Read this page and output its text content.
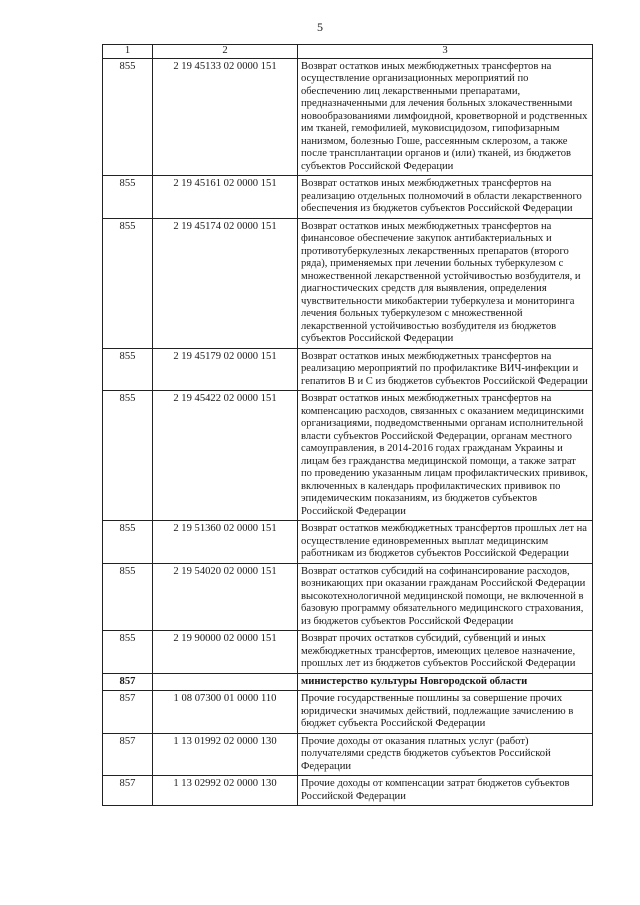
5
1	2	3
855	2 19 45133 02 0000 151	Возврат остатков иных межбюджетных трансфертов на осуществление организационных мероприятий по обеспечению лиц лекарственными препаратами, предназначенными для лечения больных злокачественными новообразованиями лимфоидной, кроветворной и родственных им тканей, гемофилией, муковисцидозом, гипофизарным нанизмом, болезнью Гоше, рассеянным склерозом, а также после трансплантации органов и (или) тканей, из бюджетов субъектов Российской Федерации
855	2 19 45161 02 0000 151	Возврат остатков иных межбюджетных трансфертов на реализацию отдельных полномочий в области лекарственного обеспечения из бюджетов субъектов Российской Федерации
855	2 19 45174 02 0000 151	Возврат остатков иных межбюджетных трансфертов на финансовое обеспечение закупок антибактериальных и противотуберкулезных лекарственных препаратов (второго ряда), применяемых при лечении больных туберкулезом с множественной лекарственной устойчивостью возбудителя, и диагностических средств для выявления, определения чувствительности микобактерии туберкулеза и мониторинга лечения больных туберкулезом с множественной лекарственной устойчивостью возбудителя из бюджетов субъектов Российской Федерации
855	2 19 45179 02 0000 151	Возврат остатков иных межбюджетных трансфертов на реализацию мероприятий по профилактике ВИЧ-инфекции и гепатитов В и С из бюджетов субъектов Российской Федерации
855	2 19 45422 02 0000 151	Возврат остатков иных межбюджетных трансфертов на компенсацию расходов, связанных с оказанием медицинскими организациями, подведомственными органам исполнительной власти субъектов Российской Федерации, органам местного самоуправления, в 2014-2016 годах гражданам Украины и лицам без гражданства медицинской помощи, а также затрат по проведению указанным лицам профилактических прививок, включенных в календарь профилактических прививок по эпидемическим показаниям, из бюджетов субъектов Российской Федерации
855	2 19 51360 02 0000 151	Возврат остатков межбюджетных трансфертов прошлых лет на осуществление единовременных выплат медицинским работникам из бюджетов субъектов Российской Федерации
855	2 19 54020 02 0000 151	Возврат остатков субсидий на софинансирование расходов, возникающих при оказании гражданам Российской Федерации высокотехнологичной медицинской помощи, не включенной в базовую программу обязательного медицинского страхования, из бюджетов субъектов Российской Федерации
855	2 19 90000 02 0000 151	Возврат прочих остатков субсидий, субвенций и иных межбюджетных трансфертов, имеющих целевое назначение, прошлых лет из бюджетов субъектов Российской Федерации
857		министерство культуры Новгородской области
857	1 08 07300 01 0000 110	Прочие государственные пошлины за совершение прочих юридически значимых действий, подлежащие зачислению в бюджет субъекта Российской Федерации
857	1 13 01992 02 0000 130	Прочие доходы от оказания платных услуг (работ) получателями средств бюджетов субъектов Российской Федерации
857	1 13 02992 02 0000 130	Прочие доходы от компенсации затрат бюджетов субъектов Российской Федерации
